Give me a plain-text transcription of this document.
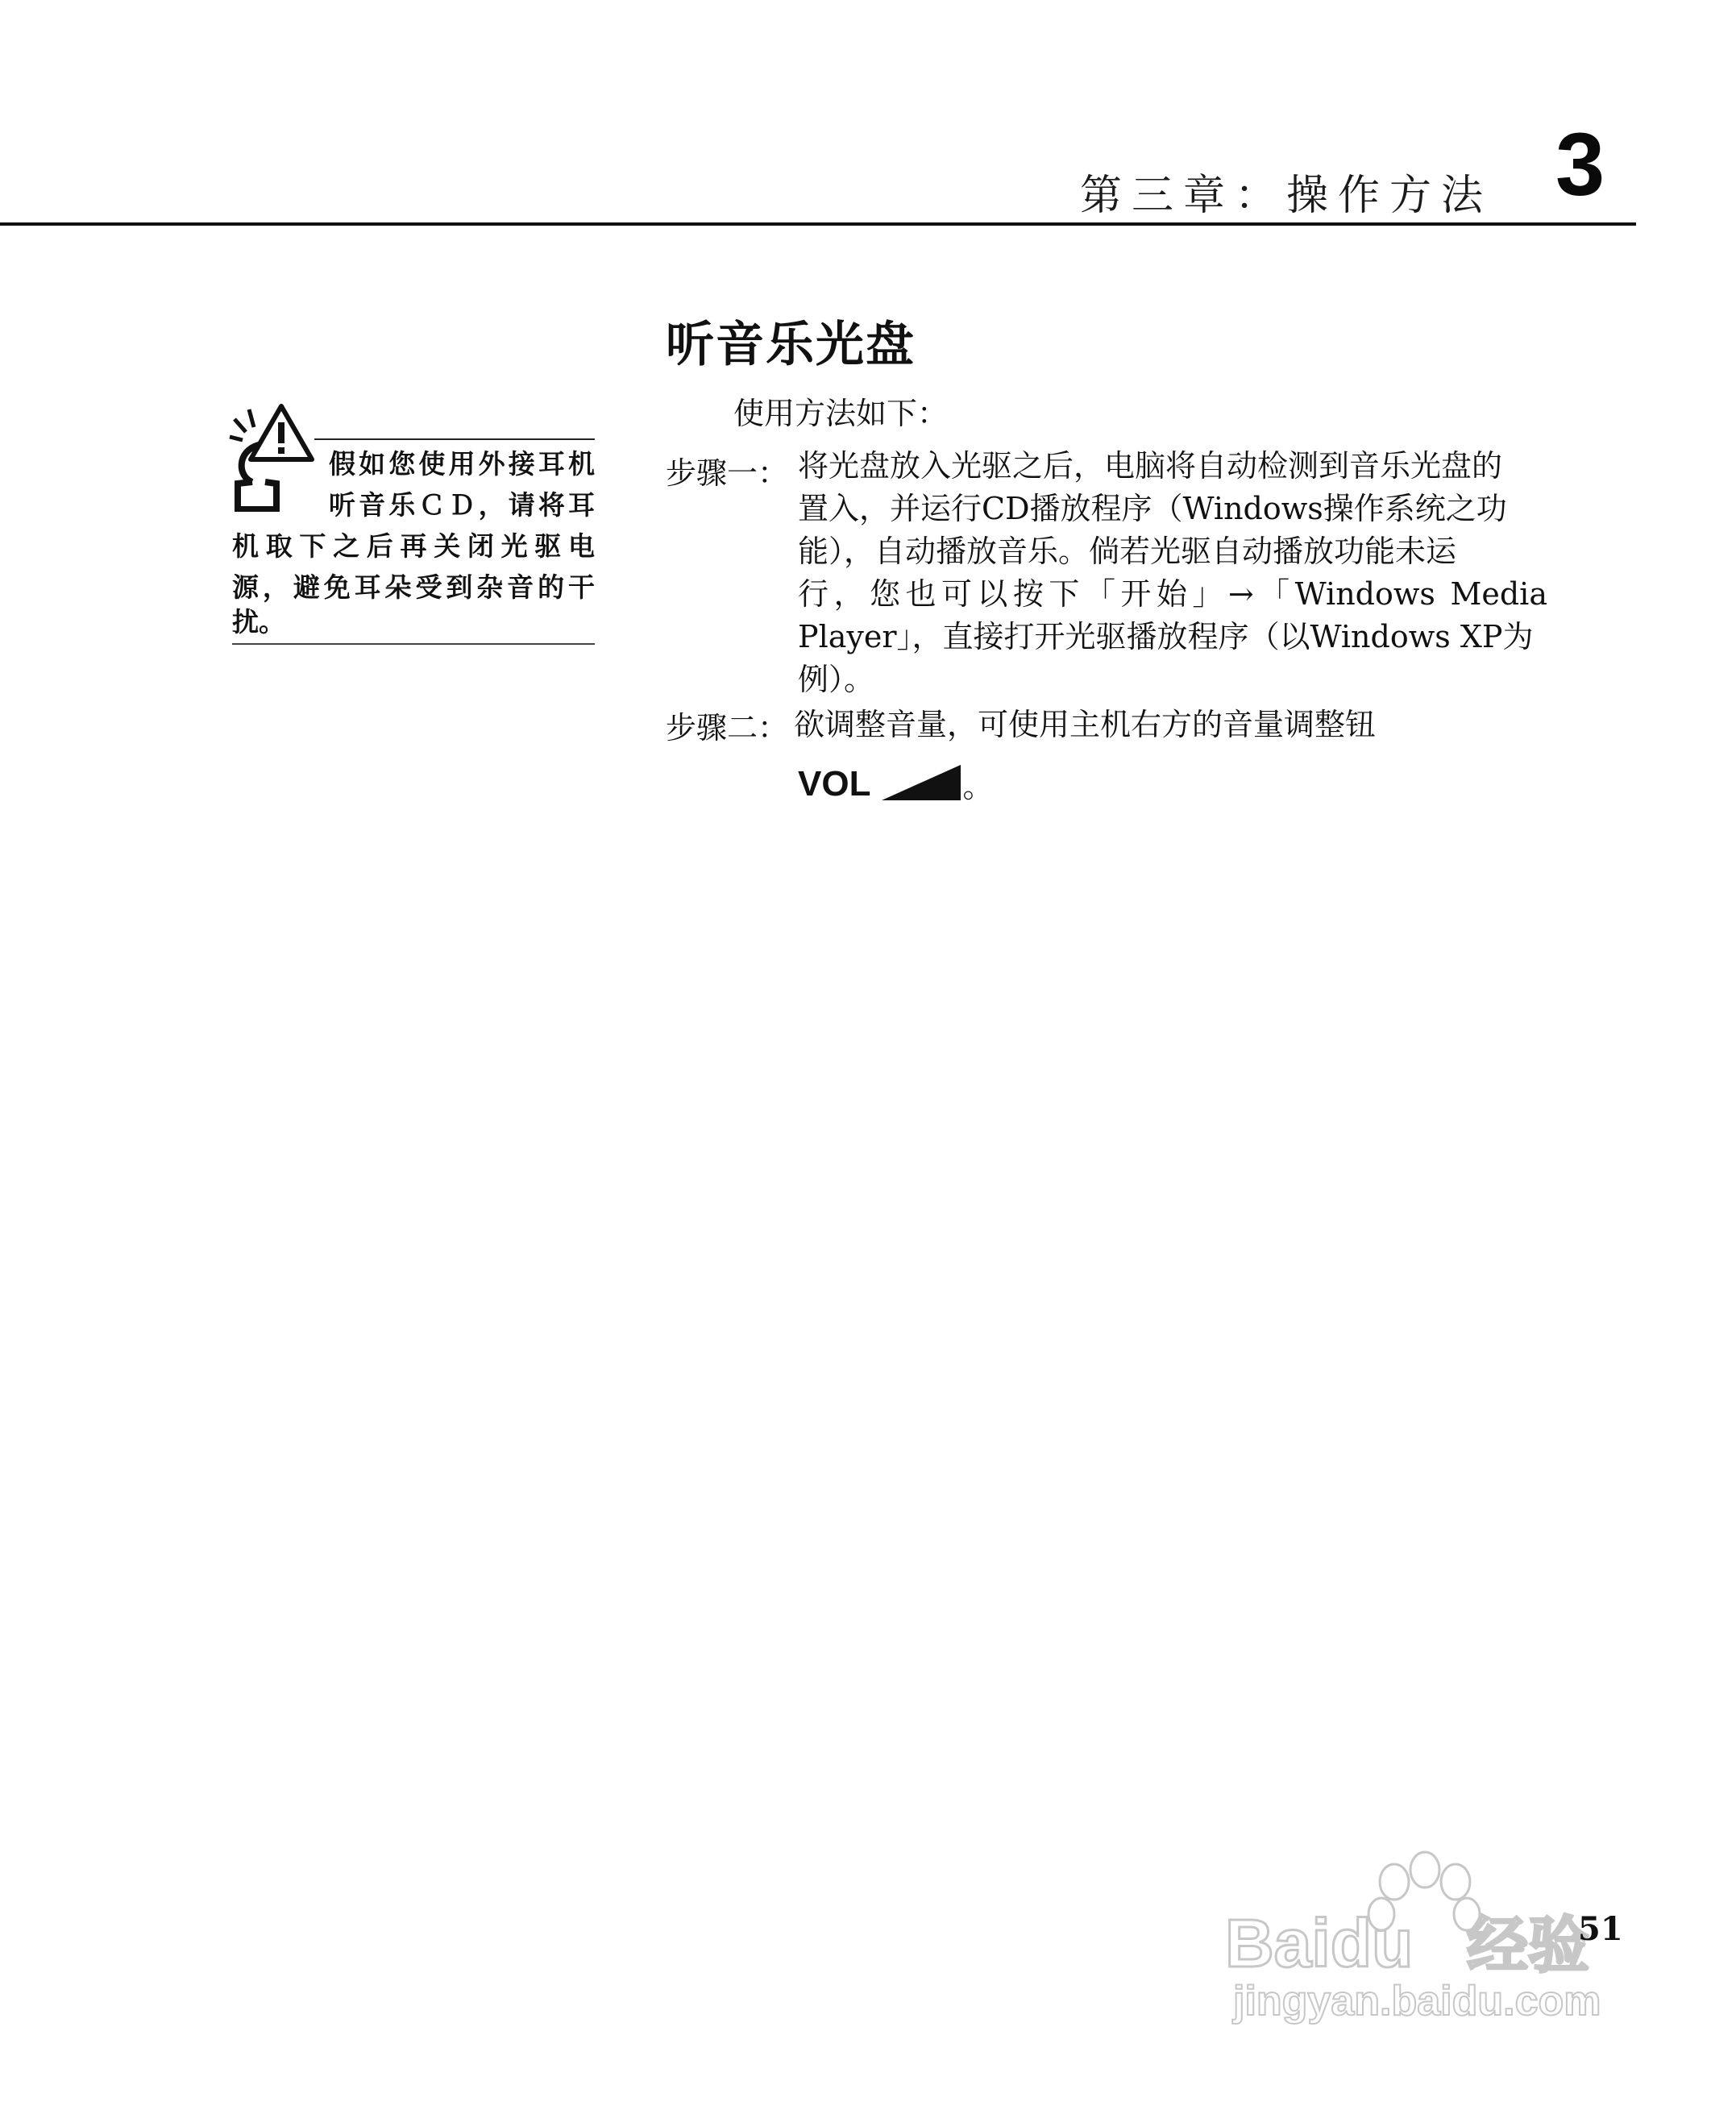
第三章：操作方法 3
听音乐光盘
使用方法如下：
步骤一： 将光盘放入光驱之后，电脑将自动检测到音乐光盘的
置入，并运行CD播放程序（Windows操作系统之功
能），自动播放音乐。倘若光驱自动播放功能未运
行，您也可以按下「开始」→「Windows Media
Player」，直接打开光驱播放程序（以Windows XP为
例）。
步骤二： 欲调整音量，可使用主机右方的音量调整钮
VOL	。
假如您使用外接耳机
听音乐ＣＤ，请将耳
机取下之后再关闭光驱电
源，避免耳朵受到杂音的干
扰。
Baidu 经验
jingyan.baidu.com
51
